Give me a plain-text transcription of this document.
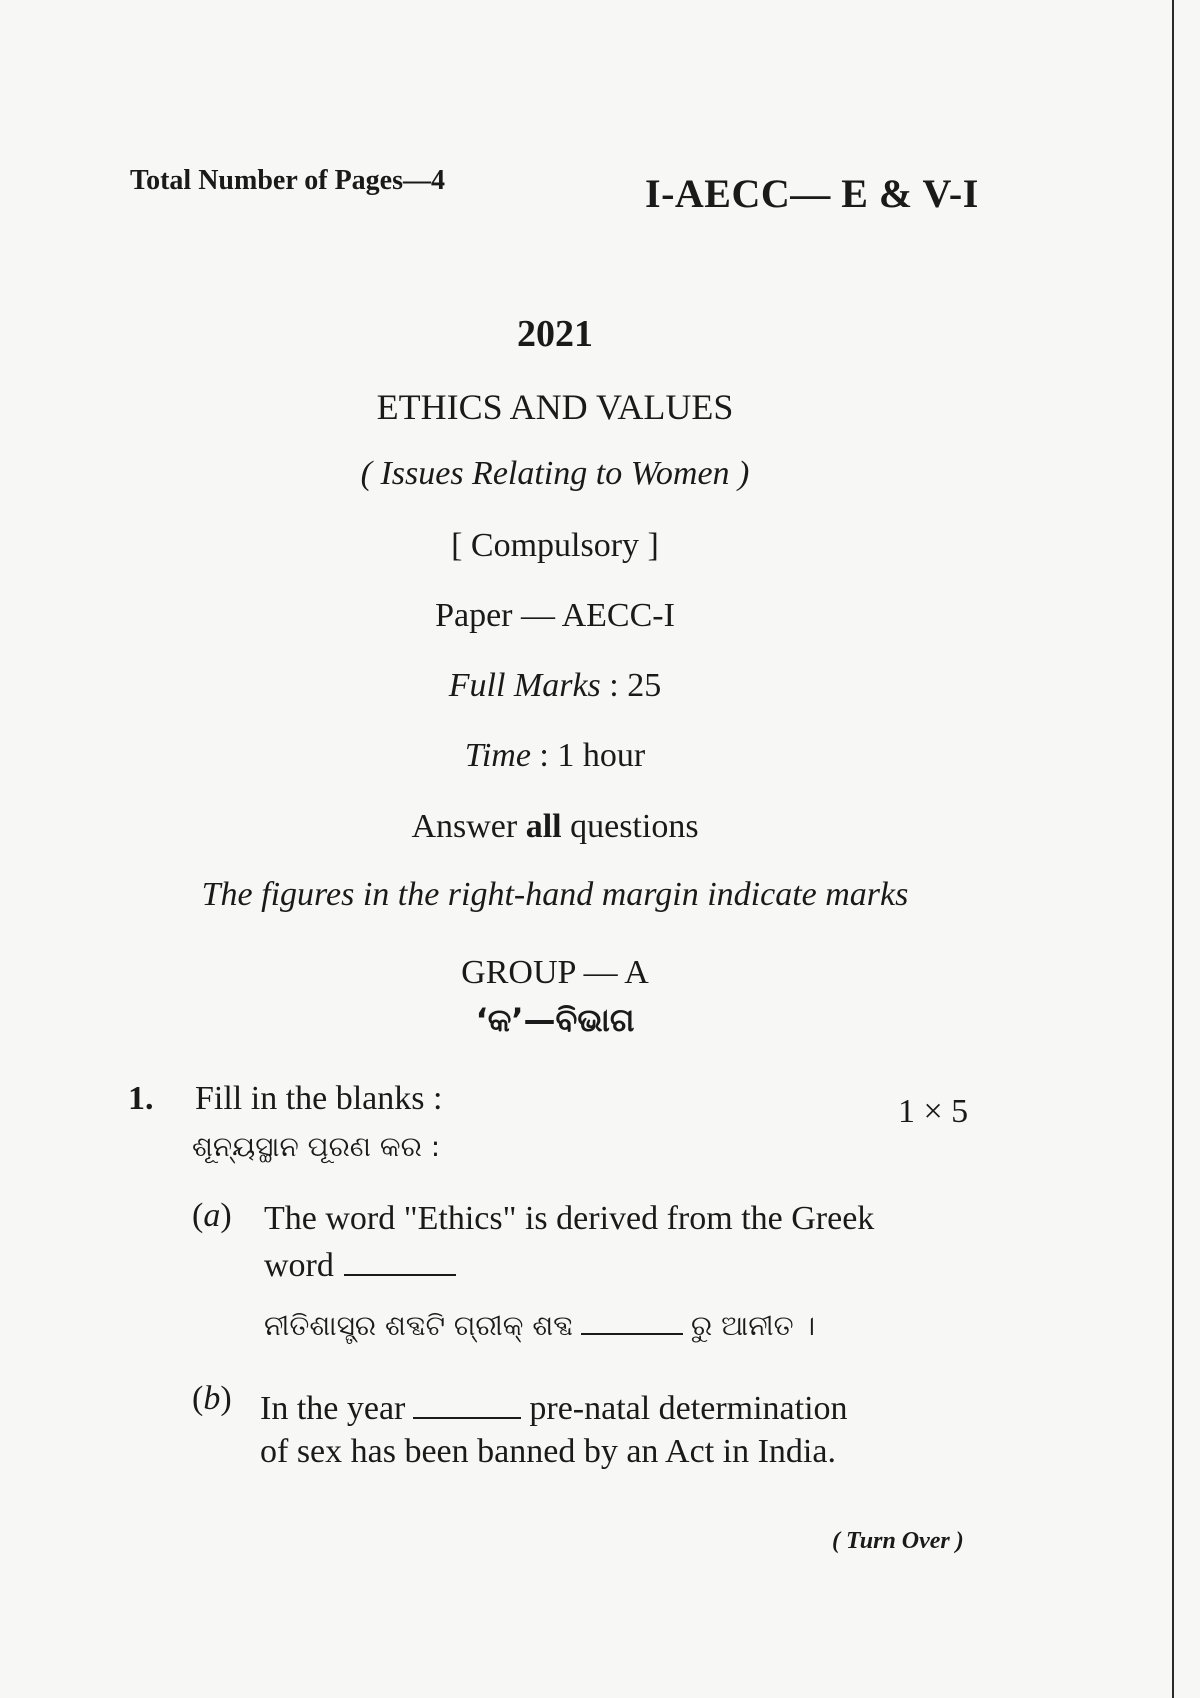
Total Number of Pages—4	I-AECC— E & V-I
2021
ETHICS AND VALUES
( Issues Relating to Women )
[ Compulsory ]
Paper — AECC-I
Full Marks : 25
Time : 1 hour
Answer all questions
The figures in the right-hand margin indicate marks
GROUP — A
‘କ’—ବିଭାଗ
1. Fill in the blanks :	1 × 5
ଶୂନ୍ୟସ୍ଥାନ ପୂରଣ କର :
(a) The word "Ethics" is derived from the Greek
word
ନୀତିଶାସ୍ତ୍ର ଶବ୍ଦଟି ଗ୍ରୀକ୍ ଶବ୍ଦ	ରୁ ଆନୀତ ।
(b) In the year	pre-natal determination
of sex has been banned by an Act in India.
( Turn Over )
